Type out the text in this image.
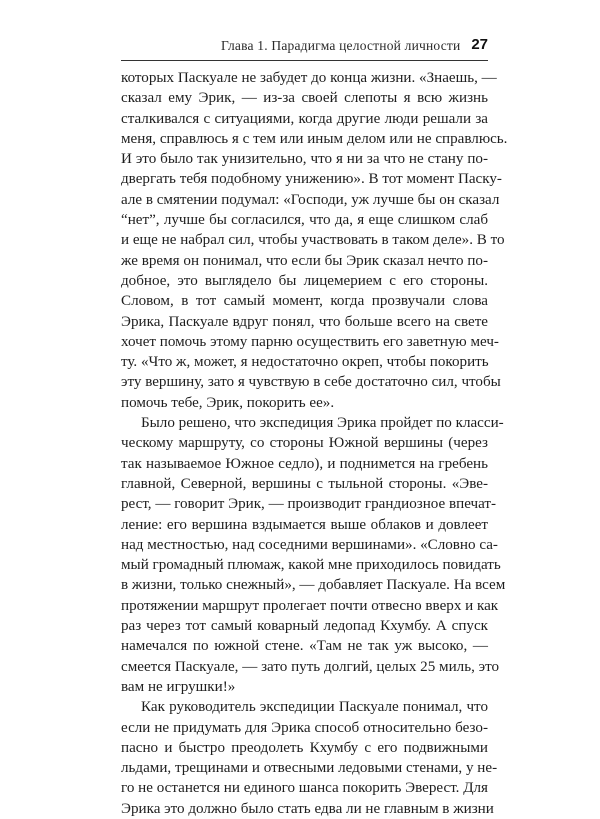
Глава 1. Парадигма целостной личности 27
которых Паскуале не забудет до конца жизни. «Знаешь, —
сказал ему Эрик, — из-за своей слепоты я всю жизнь
сталкивался с ситуациями, когда другие люди решали за
меня, справлюсь я с тем или иным делом или не справлюсь.
И это было так унизительно, что я ни за что не стану по-
двергать тебя подобному унижению». В тот момент Паску-
але в смятении подумал: «Господи, уж лучше бы он сказал
“нет”, лучше бы согласился, что да, я еще слишком слаб
и еще не набрал сил, чтобы участвовать в таком деле». В то
же время он понимал, что если бы Эрик сказал нечто по-
добное, это выглядело бы лицемерием с его стороны.
Словом, в тот самый момент, когда прозвучали слова
Эрика, Паскуале вдруг понял, что больше всего на свете
хочет помочь этому парню осуществить его заветную меч-
ту. «Что ж, может, я недостаточно окреп, чтобы покорить
эту вершину, зато я чувствую в себе достаточно сил, чтобы
помочь тебе, Эрик, покорить ее».
Было решено, что экспедиция Эрика пройдет по класси-
ческому маршруту, со стороны Южной вершины (через
так называемое Южное седло), и поднимется на гребень
главной, Северной, вершины с тыльной стороны. «Эве-
рест, — говорит Эрик, — производит грандиозное впечат-
ление: его вершина вздымается выше облаков и довлеет
над местностью, над соседними вершинами». «Словно са-
мый громадный плюмаж, какой мне приходилось повидать
в жизни, только снежный», — добавляет Паскуале. На всем
протяжении маршрут пролегает почти отвесно вверх и как
раз через тот самый коварный ледопад Кхумбу. А спуск
намечался по южной стене. «Там не так уж высоко, —
смеется Паскуале, — зато путь долгий, целых 25 миль, это
вам не игрушки!»
Как руководитель экспедиции Паскуале понимал, что
если не придумать для Эрика способ относительно безо-
пасно и быстро преодолеть Кхумбу с его подвижными
льдами, трещинами и отвесными ледовыми стенами, у не-
го не останется ни единого шанса покорить Эверест. Для
Эрика это должно было стать едва ли не главным в жизни
